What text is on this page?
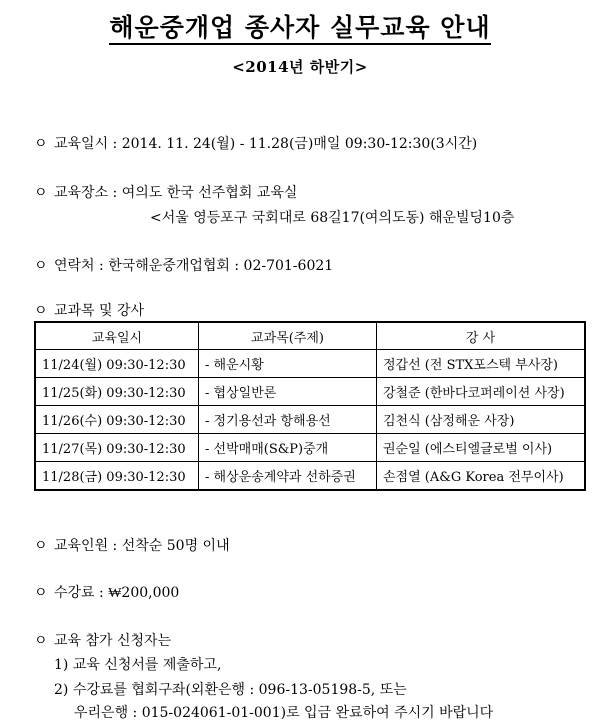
해운중개업 종사자 실무교육 안내
<2014년 하반기>
ㅇ 교육일시 : 2014. 11. 24(월) - 11.28(금)매일 09:30-12:30(3시간)
ㅇ 교육장소 : 여의도 한국 선주협회 교육실
<서울 영등포구 국회대로 68길17(여의도동) 해운빌딩10층
ㅇ 연락처 : 한국해운중개업협회 : 02-701-6021
ㅇ 교과목 및 강사
교육일시	교과목(주제)	강 사
11/24(월) 09:30-12:30	- 해운시황	정갑선 (전 STX포스텍 부사장)
11/25(화) 09:30-12:30	- 협상일반론	강철준 (한바다코퍼레이션 사장)
11/26(수) 09:30-12:30	- 정기용선과 항해용선	김천식 (삼정해운 사장)
11/27(목) 09:30-12:30	- 선박매매(S&P)중개	권순일 (에스티엘글로벌 이사)
11/28(금) 09:30-12:30	- 해상운송계약과 선하증권	손점열 (A&G Korea 전무이사)
ㅇ 교육인원 : 선착순 50명 이내
ㅇ 수강료 : ₩200,000
ㅇ 교육 참가 신청자는
1) 교육 신청서를 제출하고,
2) 수강료를 협회구좌(외환은행 : 096-13-05198-5, 또는
우리은행 : 015-024061-01-001)로 입금 완료하여 주시기 바랍니다
